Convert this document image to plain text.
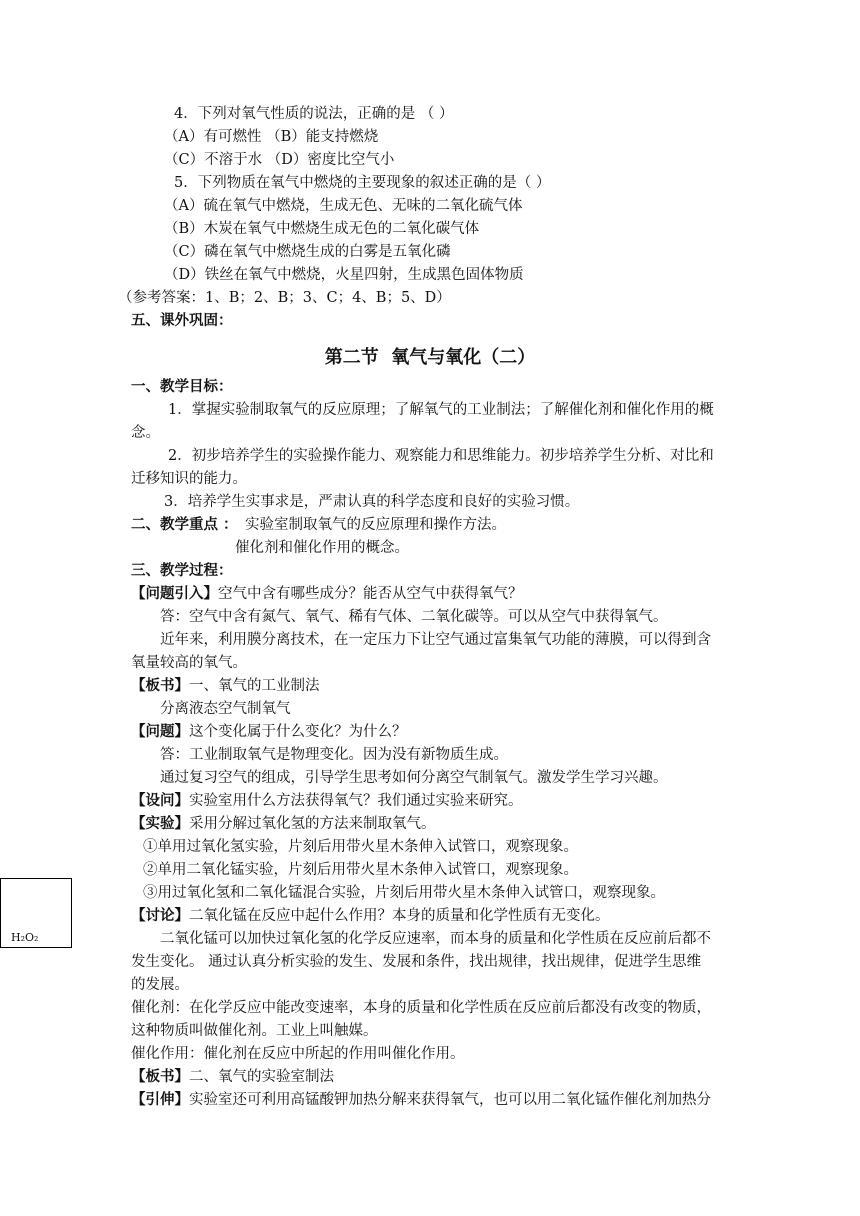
4．下列对氧气性质的说法，正确的是 （ ）
（A）有可燃性 （B）能支持燃烧
（C）不溶于水 （D）密度比空气小
5．下列物质在氧气中燃烧的主要现象的叙述正确的是（ ）
（A）硫在氧气中燃烧，生成无色、无味的二氧化硫气体
（B）木炭在氧气中燃烧生成无色的二氧化碳气体
（C）磷在氧气中燃烧生成的白雾是五氧化磷
（D）铁丝在氧气中燃烧，火星四射，生成黑色固体物质
（参考答案：1、B；2、B；3、C；4、B；5、D）
五、课外巩固：
第二节  氧气与氧化（二）
一、教学目标：
1．掌握实验制取氧气的反应原理；了解氧气的工业制法；了解催化剂和催化作用的概
念。
2．初步培养学生的实验操作能力、观察能力和思维能力。初步培养学生分析、对比和
迁移知识的能力。
3．培养学生实事求是，严肃认真的科学态度和良好的实验习惯。
二、教学重点 ： 实验室制取氧气的反应原理和操作方法。
催化剂和催化作用的概念。
三、教学过程：
【问题引入】空气中含有哪些成分？能否从空气中获得氧气？
答：空气中含有氮气、氧气、稀有气体、二氧化碳等。可以从空气中获得氧气。
近年来，利用膜分离技术，在一定压力下让空气通过富集氧气功能的薄膜，可以得到含
氧量较高的氧气。
【板书】一、氧气的工业制法
分离液态空气制氧气
【问题】这个变化属于什么变化？为什么？
答：工业制取氧气是物理变化。因为没有新物质生成。
通过复习空气的组成，引导学生思考如何分离空气制氧气。激发学生学习兴趣。
【设问】实验室用什么方法获得氧气？我们通过实验来研究。
【实验】采用分解过氧化氢的方法来制取氧气。
①单用过氧化氢实验，片刻后用带火星木条伸入试管口，观察现象。
②单用二氧化锰实验，片刻后用带火星木条伸入试管口，观察现象。
③用过氧化氢和二氧化锰混合实验，片刻后用带火星木条伸入试管口，观察现象。
【讨论】二氧化锰在反应中起什么作用？本身的质量和化学性质有无变化。
二氧化锰可以加快过氧化氢的化学反应速率，而本身的质量和化学性质在反应前后都不
发生变化。 通过认真分析实验的发生、发展和条件，找出规律，找出规律，促进学生思维
的发展。
催化剂：在化学反应中能改变速率，本身的质量和化学性质在反应前后都没有改变的物质，
这种物质叫做催化剂。工业上叫触媒。
催化作用：催化剂在反应中所起的作用叫催化作用。
【板书】二、氧气的实验室制法
【引伸】实验室还可利用高锰酸钾加热分解来获得氧气，也可以用二氧化锰作催化剂加热分
H₂O₂
